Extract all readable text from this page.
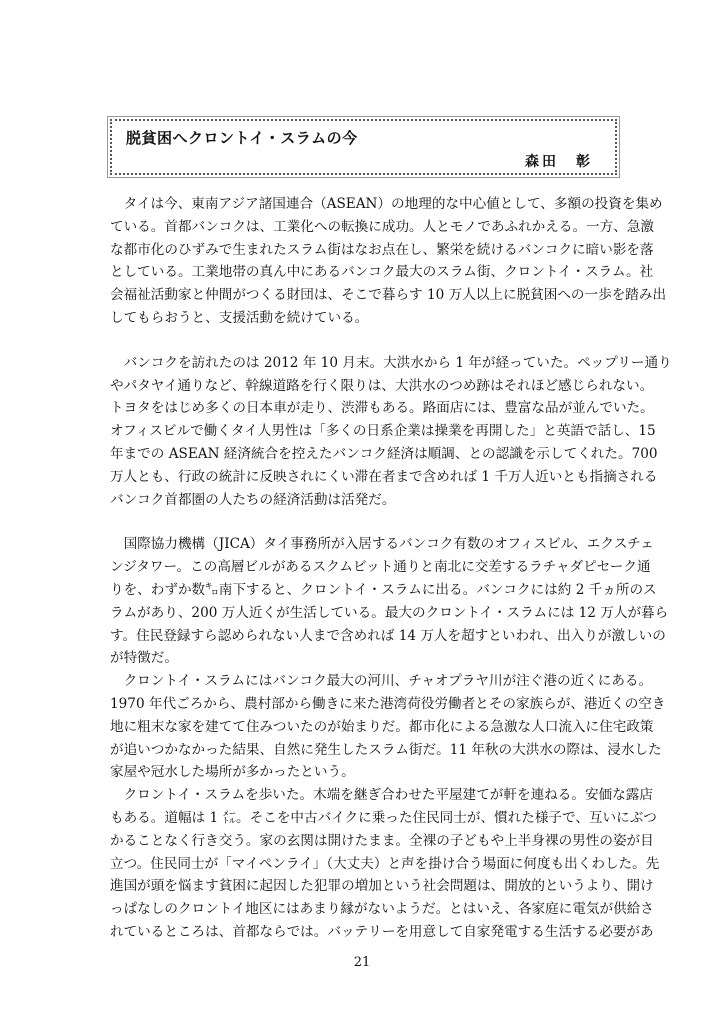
脱貧困へクロントイ・スラムの今
森田　彰

　タイは今、東南アジア諸国連合（ASEAN）の地理的な中心値として、多額の投資を集め
ている。首都バンコクは、工業化への転換に成功。人とモノであふれかえる。一方、急激
な都市化のひずみで生まれたスラム街はなお点在し、繁栄を続けるバンコクに暗い影を落
としている。工業地帯の真ん中にあるバンコク最大のスラム街、クロントイ・スラム。社
会福祉活動家と仲間がつくる財団は、そこで暮らす 10 万人以上に脱貧困への一歩を踏み出
してもらおうと、支援活動を続けている。

　バンコクを訪れたのは 2012 年 10 月末。大洪水から 1 年が経っていた。ペップリー通り
やパタヤイ通りなど、幹線道路を行く限りは、大洪水のつめ跡はそれほど感じられない。
トヨタをはじめ多くの日本車が走り、渋滞もある。路面店には、豊富な品が並んでいた。
オフィスビルで働くタイ人男性は「多くの日系企業は操業を再開した」と英語で話し、15
年までの ASEAN 経済統合を控えたバンコク経済は順調、との認識を示してくれた。700
万人とも、行政の統計に反映されにくい滞在者まで含めれば 1 千万人近いとも指摘される
バンコク首都圏の人たちの経済活動は活発だ。

　国際協力機構（JICA）タイ事務所が入居するバンコク有数のオフィスビル、エクスチェ
ンジタワー。この高層ビルがあるスクムビット通りと南北に交差するラチャダピセーク通
りを、わずか数㌔南下すると、クロントイ・スラムに出る。バンコクには約 2 千ヵ所のス
ラムがあり、200 万人近くが生活している。最大のクロントイ・スラムには 12 万人が暮ら
す。住民登録すら認められない人まで含めれば 14 万人を超すといわれ、出入りが激しいの
が特徴だ。

　クロントイ・スラムにはバンコク最大の河川、チャオプラヤ川が注ぐ港の近くにある。
1970 年代ごろから、農村部から働きに来た港湾荷役労働者とその家族らが、港近くの空き
地に粗末な家を建てて住みついたのが始まりだ。都市化による急激な人口流入に住宅政策
が追いつかなかった結果、自然に発生したスラム街だ。11 年秋の大洪水の際は、浸水した
家屋や冠水した場所が多かったという。

　クロントイ・スラムを歩いた。木端を継ぎ合わせた平屋建てが軒を連ねる。安価な露店
もある。道幅は 1 ㍍。そこを中古バイクに乗った住民同士が、慣れた様子で、互いにぶつ
かることなく行き交う。家の玄関は開けたまま。全裸の子どもや上半身裸の男性の姿が目
立つ。住民同士が「マイペンライ」（大丈夫）と声を掛け合う場面に何度も出くわした。先
進国が頭を悩ます貧困に起因した犯罪の増加という社会問題は、開放的というより、開け
っぱなしのクロントイ地区にはあまり縁がないようだ。とはいえ、各家庭に電気が供給さ
れているところは、首都ならでは。バッテリーを用意して自家発電する生活する必要があ

21
